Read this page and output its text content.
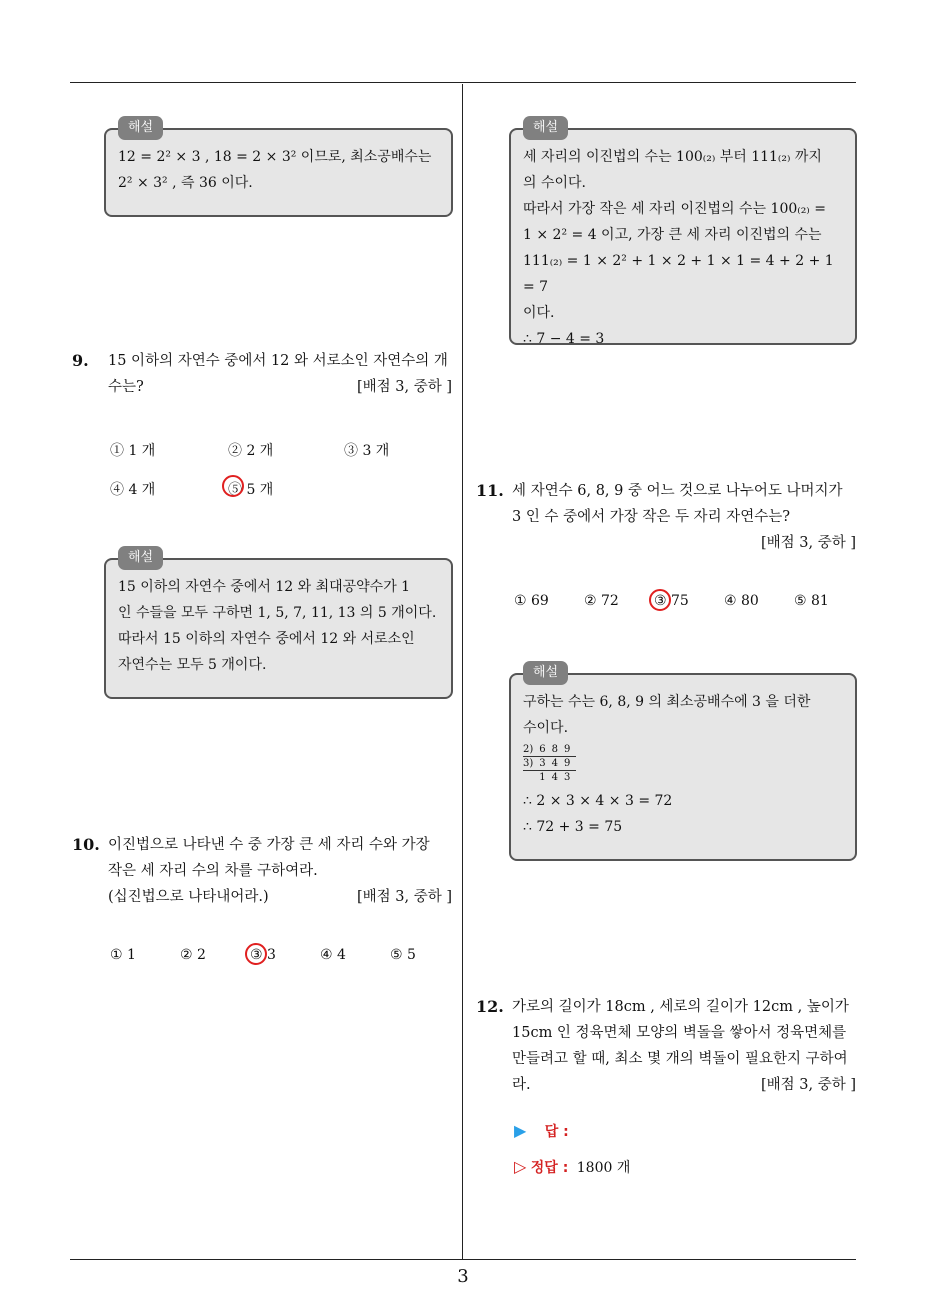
해설
12 = 2² × 3 , 18 = 2 × 3² 이므로, 최소공배수는
2² × 3² , 즉 36 이다.
9. 15 이하의 자연수 중에서 12 와 서로소인 자연수의 개
수는?	[배점 3, 중하 ]
① 1 개	② 2 개	③ 3 개
④ 4 개	⑤ 5 개
해설
15 이하의 자연수 중에서 12 와 최대공약수가 1
인 수들을 모두 구하면 1, 5, 7, 11, 13 의 5 개이다.
따라서 15 이하의 자연수 중에서 12 와 서로소인
자연수는 모두 5 개이다.
10. 이진법으로 나타낸 수 중 가장 큰 세 자리 수와 가장
작은 세 자리 수의 차를 구하여라.
(십진법으로 나타내어라.)	[배점 3, 중하 ]
① 1	② 2	③ 3	④ 4	⑤ 5
해설
세 자리의 이진법의 수는 100₍₂₎ 부터 111₍₂₎ 까지
의 수이다.
따라서 가장 작은 세 자리 이진법의 수는 100₍₂₎ =
1 × 2² = 4 이고, 가장 큰 세 자리 이진법의 수는
111₍₂₎ = 1 × 2² + 1 × 2 + 1 × 1 = 4 + 2 + 1 = 7
이다.
∴ 7 − 4 = 3
11. 세 자연수 6, 8, 9 중 어느 것으로 나누어도 나머지가
3 인 수 중에서 가장 작은 두 자리 자연수는?
[배점 3, 중하 ]
① 69	② 72	③ 75	④ 80	⑤ 81
해설
구하는 수는 6, 8, 9 의 최소공배수에 3 을 더한
수이다.
2)	6	8	9
3)	3	4	9
	1	4	3
∴ 2 × 3 × 4 × 3 = 72
∴ 72 + 3 = 75
12. 가로의 길이가 18cm , 세로의 길이가 12cm , 높이가
15cm 인 정육면체 모양의 벽돌을 쌓아서 정육면체를
만들려고 할 때, 최소 몇 개의 벽돌이 필요한지 구하여
라.	[배점 3, 중하 ]
▶ 답 :
▷ 정답 : 1800 개
3
